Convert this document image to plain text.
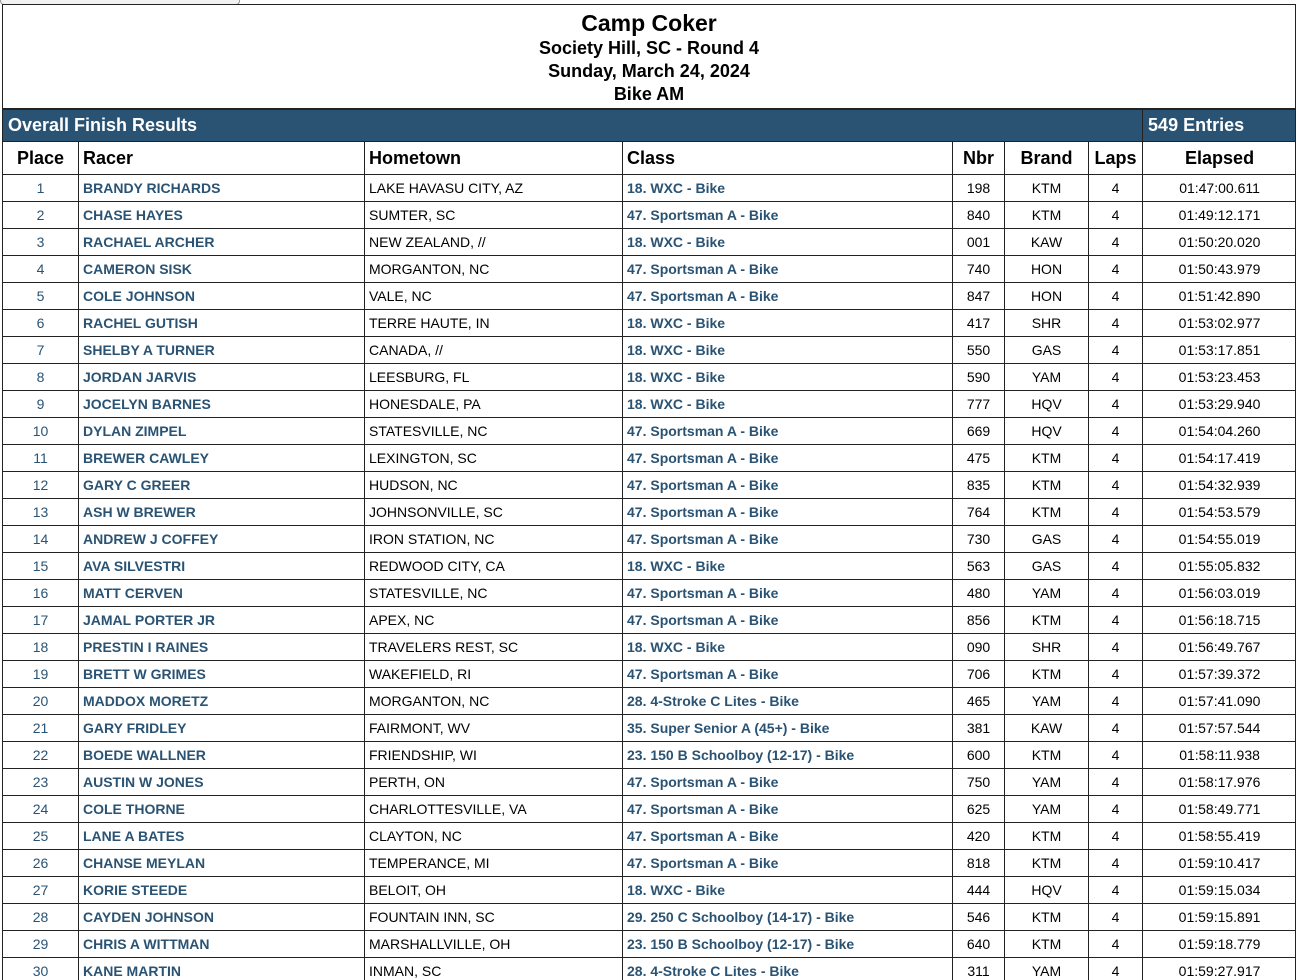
Camp Coker
Society Hill, SC - Round 4
Sunday, March 24, 2024
Bike AM
Overall Finish Results							549 Entries
Place	Racer	Hometown	Class	Nbr	Brand	Laps	Elapsed
1	BRANDY RICHARDS	LAKE HAVASU CITY, AZ	18. WXC - Bike	198	KTM	4	01:47:00.611
2	CHASE HAYES	SUMTER, SC	47. Sportsman A - Bike	840	KTM	4	01:49:12.171
3	RACHAEL ARCHER	NEW ZEALAND, //	18. WXC - Bike	001	KAW	4	01:50:20.020
4	CAMERON SISK	MORGANTON, NC	47. Sportsman A - Bike	740	HON	4	01:50:43.979
5	COLE JOHNSON	VALE, NC	47. Sportsman A - Bike	847	HON	4	01:51:42.890
6	RACHEL GUTISH	TERRE HAUTE, IN	18. WXC - Bike	417	SHR	4	01:53:02.977
7	SHELBY A TURNER	CANADA, //	18. WXC - Bike	550	GAS	4	01:53:17.851
8	JORDAN JARVIS	LEESBURG, FL	18. WXC - Bike	590	YAM	4	01:53:23.453
9	JOCELYN BARNES	HONESDALE, PA	18. WXC - Bike	777	HQV	4	01:53:29.940
10	DYLAN ZIMPEL	STATESVILLE, NC	47. Sportsman A - Bike	669	HQV	4	01:54:04.260
11	BREWER CAWLEY	LEXINGTON, SC	47. Sportsman A - Bike	475	KTM	4	01:54:17.419
12	GARY C GREER	HUDSON, NC	47. Sportsman A - Bike	835	KTM	4	01:54:32.939
13	ASH W BREWER	JOHNSONVILLE, SC	47. Sportsman A - Bike	764	KTM	4	01:54:53.579
14	ANDREW J COFFEY	IRON STATION, NC	47. Sportsman A - Bike	730	GAS	4	01:54:55.019
15	AVA SILVESTRI	REDWOOD CITY, CA	18. WXC - Bike	563	GAS	4	01:55:05.832
16	MATT CERVEN	STATESVILLE, NC	47. Sportsman A - Bike	480	YAM	4	01:56:03.019
17	JAMAL PORTER JR	APEX, NC	47. Sportsman A - Bike	856	KTM	4	01:56:18.715
18	PRESTIN I RAINES	TRAVELERS REST, SC	18. WXC - Bike	090	SHR	4	01:56:49.767
19	BRETT W GRIMES	WAKEFIELD, RI	47. Sportsman A - Bike	706	KTM	4	01:57:39.372
20	MADDOX MORETZ	MORGANTON, NC	28. 4-Stroke C Lites - Bike	465	YAM	4	01:57:41.090
21	GARY FRIDLEY	FAIRMONT, WV	35. Super Senior A (45+) - Bike	381	KAW	4	01:57:57.544
22	BOEDE WALLNER	FRIENDSHIP, WI	23. 150 B Schoolboy (12-17) - Bike	600	KTM	4	01:58:11.938
23	AUSTIN W JONES	PERTH, ON	47. Sportsman A - Bike	750	YAM	4	01:58:17.976
24	COLE THORNE	CHARLOTTESVILLE, VA	47. Sportsman A - Bike	625	YAM	4	01:58:49.771
25	LANE A BATES	CLAYTON, NC	47. Sportsman A - Bike	420	KTM	4	01:58:55.419
26	CHANSE MEYLAN	TEMPERANCE, MI	47. Sportsman A - Bike	818	KTM	4	01:59:10.417
27	KORIE STEEDE	BELOIT, OH	18. WXC - Bike	444	HQV	4	01:59:15.034
28	CAYDEN JOHNSON	FOUNTAIN INN, SC	29. 250 C Schoolboy (14-17) - Bike	546	KTM	4	01:59:15.891
29	CHRIS A WITTMAN	MARSHALLVILLE, OH	23. 150 B Schoolboy (12-17) - Bike	640	KTM	4	01:59:18.779
30	KANE MARTIN	INMAN, SC	28. 4-Stroke C Lites - Bike	311	YAM	4	01:59:27.917
